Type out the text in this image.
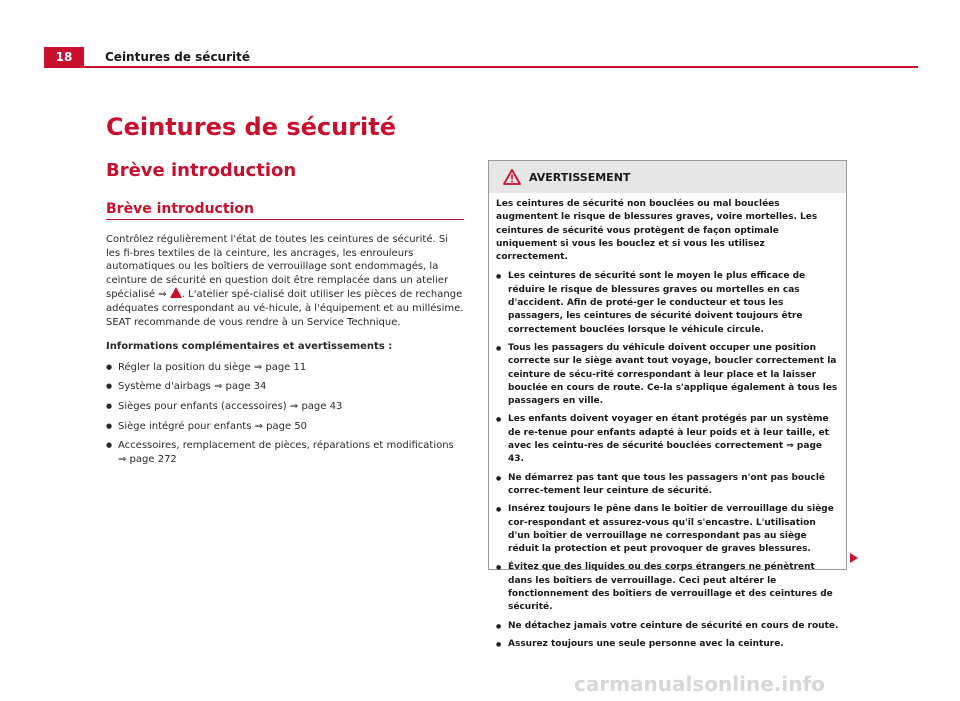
18	Ceintures de sécurité
Ceintures de sécurité
Brève introduction
Brève introduction

Contrôlez régulièrement l'état de toutes les ceintures de sécurité. Si les fi-bres textiles de la ceinture, les ancrages, les enrouleurs automatiques ou les boîtiers de verrouillage sont endommagés, la ceinture de sécurité en question doit être remplacée dans un atelier spécialisé ⇒ . L'atelier spé-cialisé doit utiliser les pièces de rechange adéquates correspondant au vé-hicule, à l'équipement et au millésime. SEAT recommande de vous rendre à un Service Technique.

Informations complémentaires et avertissements :
● Régler la position du siège ⇒ page 11
● Système d'airbags ⇒ page 34
● Sièges pour enfants (accessoires) ⇒ page 43
● Siège intégré pour enfants ⇒ page 50
● Accessoires, remplacement de pièces, réparations et modifications
⇒ page 272
AVERTISSEMENT

Les ceintures de sécurité non bouclées ou mal bouclées augmentent le risque de blessures graves, voire mortelles. Les ceintures de sécurité vous protègent de façon optimale uniquement si vous les bouclez et si vous les utilisez correctement.

● Les ceintures de sécurité sont le moyen le plus efficace de réduire le risque de blessures graves ou mortelles en cas d'accident. Afin de proté-ger le conducteur et tous les passagers, les ceintures de sécurité doivent toujours être correctement bouclées lorsque le véhicule circule.
● Tous les passagers du véhicule doivent occuper une position correcte sur le siège avant tout voyage, boucler correctement la ceinture de sécu-rité correspondant à leur place et la laisser bouclée en cours de route. Ce-la s'applique également à tous les passagers en ville.
● Les enfants doivent voyager en étant protégés par un système de re-tenue pour enfants adapté à leur poids et à leur taille, et avec les ceintu-res de sécurité bouclées correctement ⇒ page 43.
● Ne démarrez pas tant que tous les passagers n'ont pas bouclé correc-tement leur ceinture de sécurité.
● Insérez toujours le pêne dans le boîtier de verrouillage du siège cor-respondant et assurez-vous qu'il s'encastre. L'utilisation d'un boîtier de verrouillage ne correspondant pas au siège réduit la protection et peut provoquer de graves blessures.
● Évitez que des liquides ou des corps étrangers ne pénètrent dans les boîtiers de verrouillage. Ceci peut altérer le fonctionnement des boîtiers de verrouillage et des ceintures de sécurité.
● Ne détachez jamais votre ceinture de sécurité en cours de route.
● Assurez toujours une seule personne avec la ceinture.
carmanualsonline.info
